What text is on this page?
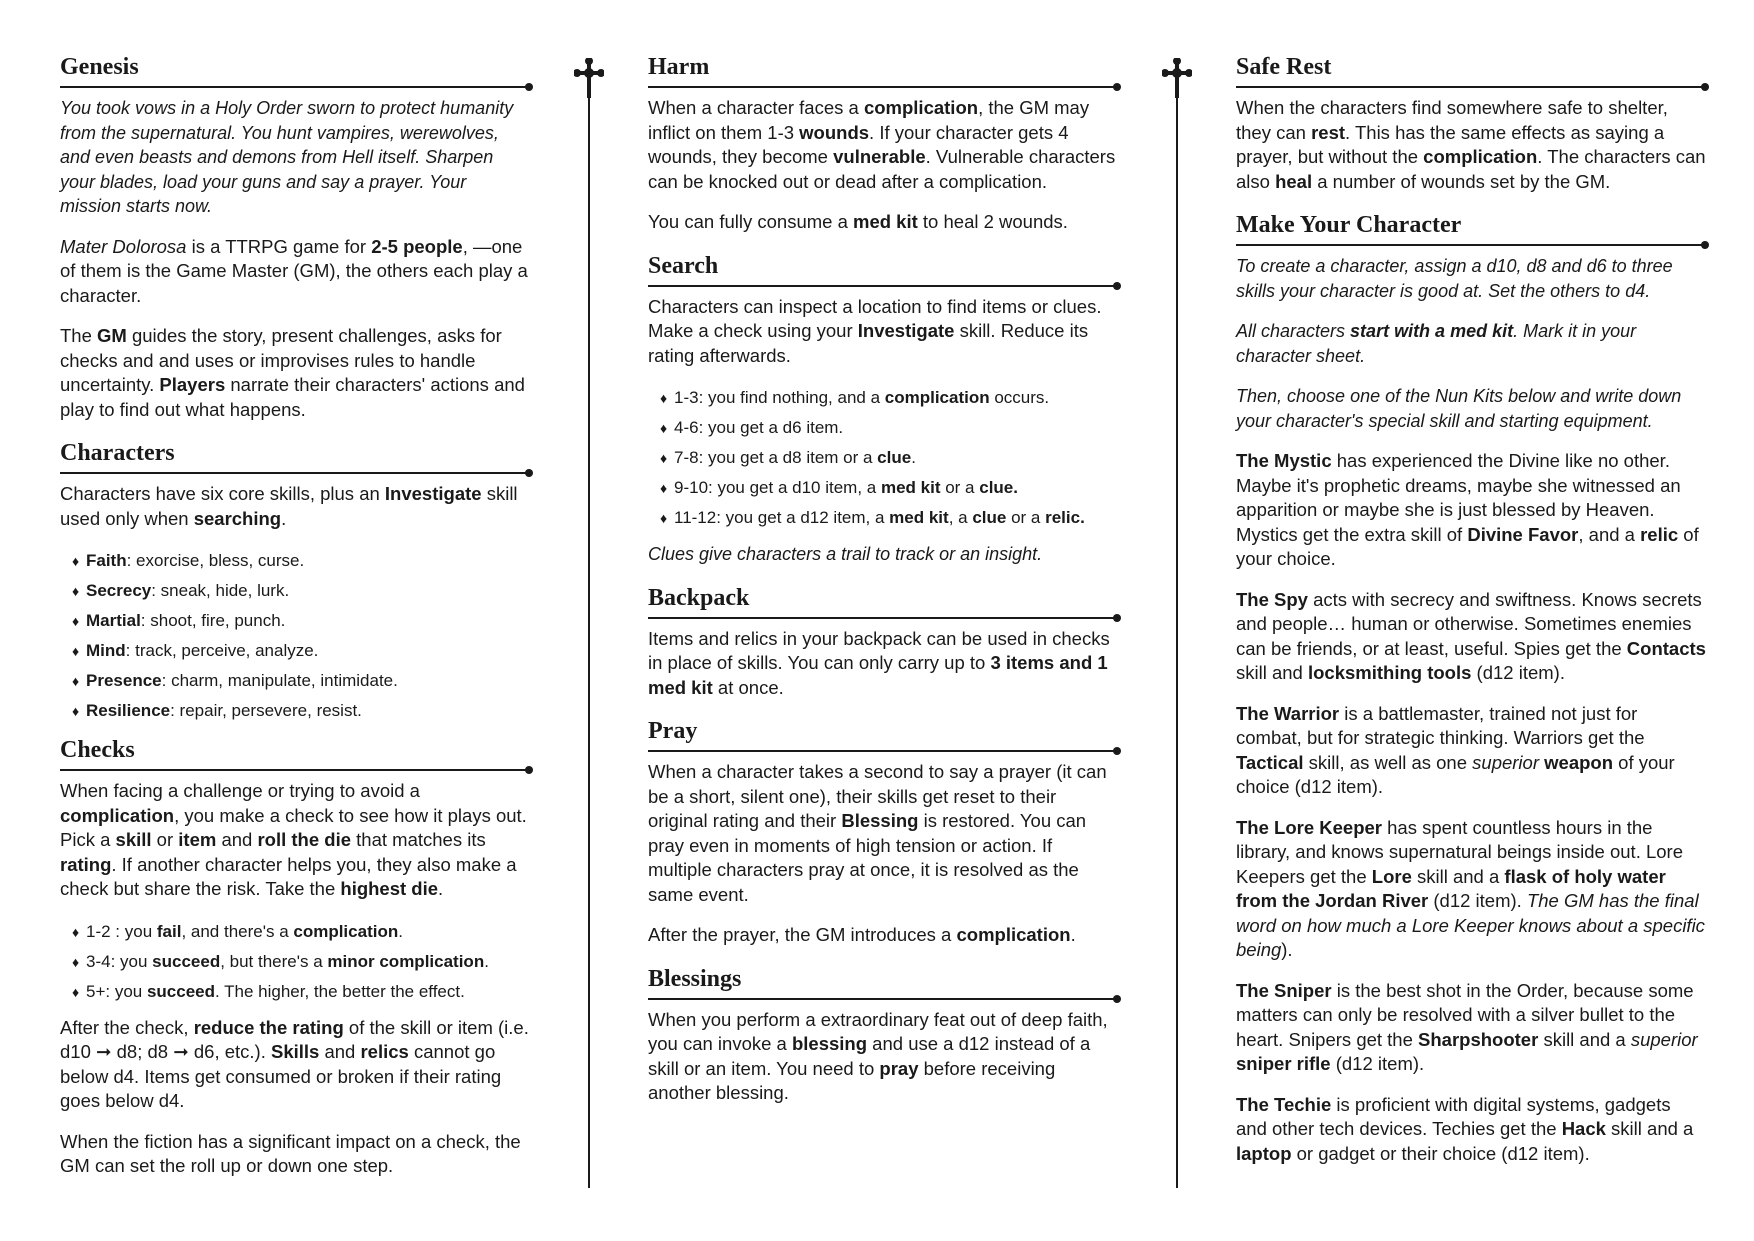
Genesis

You took vows in a Holy Order sworn to protect humanity from the supernatural. You hunt vampires, werewolves, and even beasts and demons from Hell itself. Sharpen your blades, load your guns and say a prayer. Your mission starts now.

Mater Dolorosa is a TTRPG game for 2-5 people, —one of them is the Game Master (GM), the others each play a character.

The GM guides the story, present challenges, asks for checks and and uses or improvises rules to handle uncertainty. Players narrate their characters' actions and play to find out what happens.

Characters

Characters have six core skills, plus an Investigate skill used only when searching.

♦ Faith: exorcise, bless, curse.
♦ Secrecy: sneak, hide, lurk.
♦ Martial: shoot, fire, punch.
♦ Mind: track, perceive, analyze.
♦ Presence: charm, manipulate, intimidate.
♦ Resilience: repair, persevere, resist.
Checks

When facing a challenge or trying to avoid a complication, you make a check to see how it plays out. Pick a skill or item and roll the die that matches its rating. If another character helps you, they also make a check but share the risk. Take the highest die.

♦ 1-2 : you fail, and there's a complication.
♦ 3-4: you succeed, but there's a minor complication.
♦ 5+: you succeed. The higher, the better the effect.

After the check, reduce the rating of the skill or item (i.e. d10 ➞ d8; d8 ➞ d6, etc.). Skills and relics cannot go below d4. Items get consumed or broken if their rating goes below d4.

When the fiction has a significant impact on a check, the GM can set the roll up or down one step.

Harm

When a character faces a complication, the GM may inflict on them 1-3 wounds. If your character gets 4 wounds, they become vulnerable. Vulnerable characters can be knocked out or dead after a complication.

You can fully consume a med kit to heal 2 wounds.

Search

Characters can inspect a location to find items or clues. Make a check using your Investigate skill. Reduce its rating afterwards.

♦ 1-3: you find nothing, and a complication occurs.
♦ 4-6: you get a d6 item.
♦ 7-8: you get a d8 item or a clue.
♦ 9-10: you get a d10 item, a med kit or a clue.
♦ 11-12: you get a d12 item, a med kit, a clue or a relic.

Clues give characters a trail to track or an insight.

Backpack

Items and relics in your backpack can be used in checks in place of skills. You can only carry up to 3 items and 1 med kit at once.

Pray

When a character takes a second to say a prayer (it can be a short, silent one), their skills get reset to their original rating and their Blessing is restored. You can pray even in moments of high tension or action. If multiple characters pray at once, it is resolved as the same event.

After the prayer, the GM introduces a complication.

Blessings

When you perform a extraordinary feat out of deep faith, you can invoke a blessing and use a d12 instead of a skill or an item. You need to pray before receiving another blessing.

Safe Rest

When the characters find somewhere safe to shelter, they can rest. This has the same effects as saying a prayer, but without the complication. The characters can also heal a number of wounds set by the GM.

Make Your Character

To create a character, assign a d10, d8 and d6 to three skills your character is good at. Set the others to d4.

All characters start with a med kit. Mark it in your character sheet.

Then, choose one of the Nun Kits below and write down your character's special skill and starting equipment.

The Mystic has experienced the Divine like no other. Maybe it's prophetic dreams, maybe she witnessed an apparition or maybe she is just blessed by Heaven. Mystics get the extra skill of Divine Favor, and a relic of your choice.

The Spy acts with secrecy and swiftness. Knows secrets and people… human or otherwise. Sometimes enemies can be friends, or at least, useful. Spies get the Contacts skill and locksmithing tools (d12 item).

The Warrior is a battlemaster, trained not just for combat, but for strategic thinking. Warriors get the Tactical skill, as well as one superior weapon of your choice (d12 item).

The Lore Keeper has spent countless hours in the library, and knows supernatural beings inside out. Lore Keepers get the Lore skill and a flask of holy water from the Jordan River (d12 item). The GM has the final word on how much a Lore Keeper knows about a specific being).

The Sniper is the best shot in the Order, because some matters can only be resolved with a silver bullet to the heart. Snipers get the Sharpshooter skill and a superior sniper rifle (d12 item).

The Techie is proficient with digital systems, gadgets and other tech devices. Techies get the Hack skill and a laptop or gadget or their choice (d12 item).
